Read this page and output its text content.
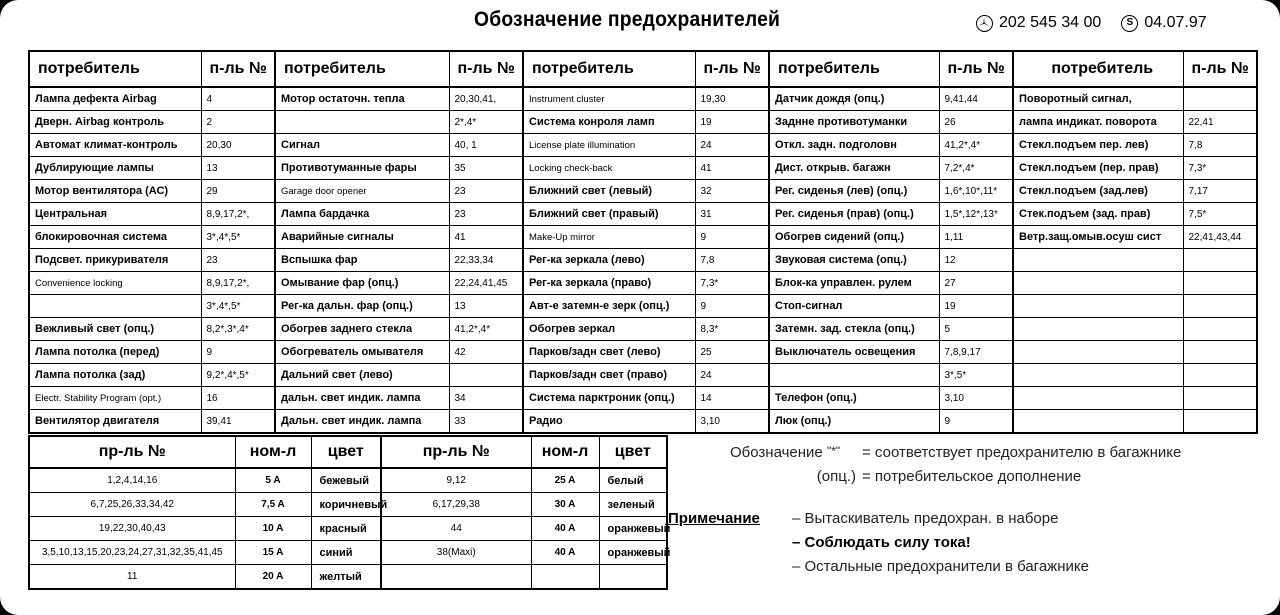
Обозначение предохранителей	202 545 34 00	S 04.07.97
потребитель	п-ль №	потребитель	п-ль №	потребитель	п-ль №	потребитель	п-ль №	потребитель	п-ль №
Лампа дефекта Airbag	4	Мотор остаточн. тепла	20,30,41,	Instrument cluster	19,30	Датчик дождя (опц.)	9,41,44	Поворотный сигнал,	
Дверн. Airbag контроль	2		2*,4*	Система конроля ламп	19	Заднне противотуманки	26	лампа индикат. поворота	22,41
Автомат климат-контроль	20,30	Сигнал	40, 1	License plate illumination	24	Откл. задн. подголовн	41,2*,4*	Стекл.подъем пер. лев)	7,8
Дублирующие лампы	13	Противотуманные фары	35	Locking check-back	41	Дист. открыв. багажн	7,2*,4*	Стекл.подъем (пер. прав)	7,3*
Мотор вентилятора (АС)	29	Garage door opener	23	Ближний свет (левый)	32	Рег. сиденья (лев) (опц.)	1,6*,10*,11*	Стекл.подъем (зад.лев)	7,17
Центральная	8,9,17,2*,	Лампа бардачка	23	Ближний свет (правый)	31	Рег. сиденья (прав) (опц.)	1,5*,12*,13*	Стек.подъем (зад. прав)	7,5*
блокировочная система	3*,4*,5*	Аварийные сигналы	41	Make-Up mirror	9	Обогрев сидений (опц.)	1,11	Ветр.защ.омыв.осуш сист	22,41,43,44
Подсвет. прикуривателя	23	Вспышка фар	22,33,34	Рег-ка зеркала (лево)	7,8	Звуковая система (опц.)	12		
Convenience locking	8,9,17,2*,	Омывание фар (опц.)	22,24,41,45	Рег-ка зеркала (право)	7,3*	Блок-ка управлен. рулем	27		
	3*,4*,5*	Рег-ка дальн. фар (опц.)	13	Авт-е затемн-е зерк (опц.)	9	Стоп-сигнал	19		
Вежливый свет (опц.)	8,2*,3*,4*	Обогрев заднего стекла	41,2*,4*	Обогрев зеркал	8,3*	Затемн. зад. стекла (опц.)	5		
Лампа потолка (перед)	9	Обогреватель омывателя	42	Парков/задн свет (лево)	25	Выключатель освещения	7,8,9,17		
Лампа потолка (зад)	9,2*,4*,5*	Дальний свет (лево)		Парков/задн свет (право)	24		3*,5*		
Electr. Stability Program (opt.)	16	дальн. свет индик. лампа	34	Система парктроник (опц.)	14	Телефон (опц.)	3,10		
Вентилятор двигателя	39,41	Дальн. свет индик. лампа	33	Радио	3,10	Люк (опц.)	9		
пр-ль №	ном-л	цвет	пр-ль №	ном-л	цвет
1,2,4,14,16	5 A	бежевый	9,12	25 A	белый
6,7,25,26,33,34,42	7,5 A	коричневый	6,17,29,38	30 A	зеленый
19,22,30,40,43	10 A	красный	44	40 A	оранжевый
3,5,10,13,15,20,23,24,27,31,32,35,41,45	15 A	синий	38(Maxi)	40 A	оранжевый
11	20 A	желтый			
Обозначение "*"	= соответствует предохранителю в багажнике
(опц.) = потребительское дополнение
Примечание – Вытаскиватель предохран. в наборе
– Соблюдать силу тока!
– Остальные предохранители в багажнике
